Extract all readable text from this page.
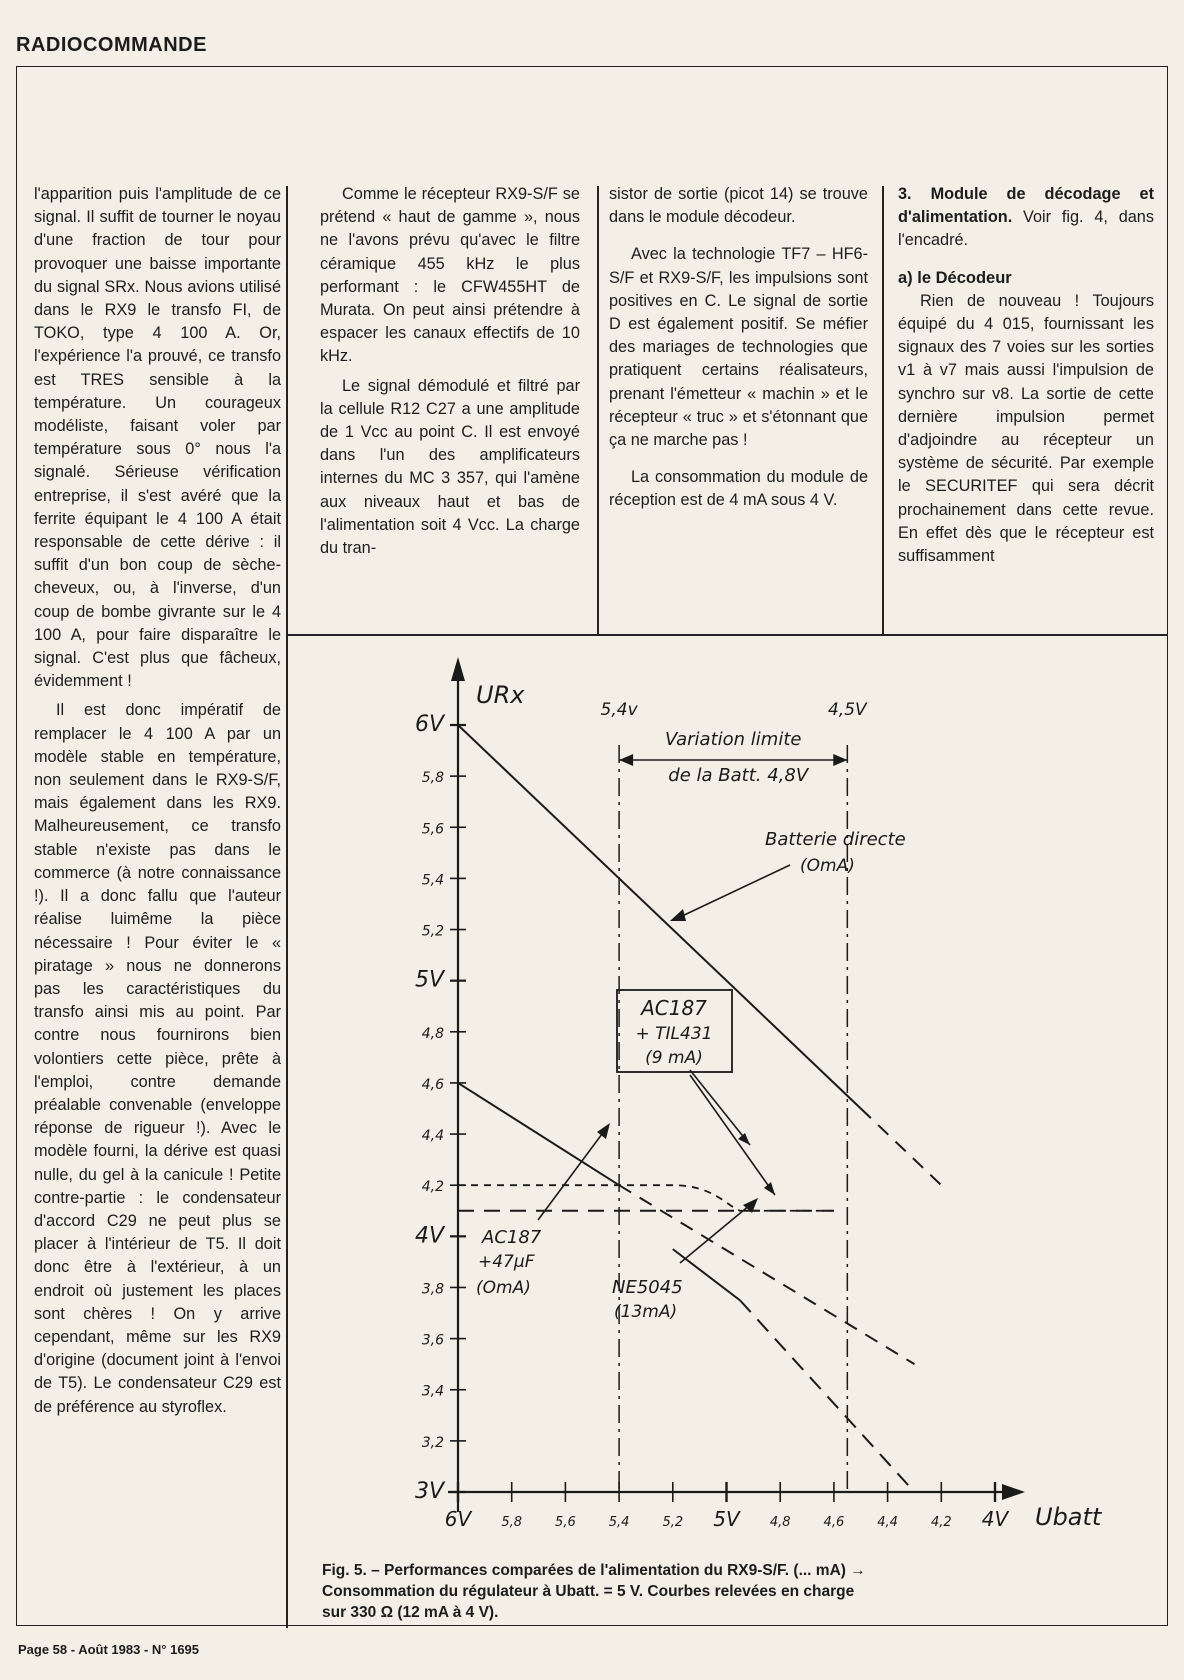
RADIOCOMMANDE

l'apparition puis l'amplitude de ce signal. Il suffit de tourner le noyau d'une fraction de tour pour provoquer une baisse importante du signal SRx. Nous avions utilisé dans le RX9 le transfo FI, de TOKO, type 4 100 A. Or, l'expérience l'a prouvé, ce transfo est TRES sensible à la température. Un courageux modéliste, faisant voler par température sous 0° nous l'a signalé. Sérieuse vérification entreprise, il s'est avéré que la ferrite équipant le 4 100 A était responsable de cette dérive : il suffit d'un bon coup de sèche-cheveux, ou, à l'inverse, d'un coup de bombe givrante sur le 4 100 A, pour faire disparaître le signal. C'est plus que fâcheux, évidemment !

Il est donc impératif de remplacer le 4 100 A par un modèle stable en température, non seulement dans le RX9-S/F, mais également dans les RX9. Malheureusement, ce transfo stable n'existe pas dans le commerce (à notre connaissance !). Il a donc fallu que l'auteur réalise luimême la pièce nécessaire ! Pour éviter le « piratage » nous ne donnerons pas les caractéristiques du transfo ainsi mis au point. Par contre nous fournirons bien volontiers cette pièce, prête à l'emploi, contre demande préalable convenable (enveloppe réponse de rigueur !). Avec le modèle fourni, la dérive est quasi nulle, du gel à la canicule ! Petite contre-partie : le condensateur d'accord C29 ne peut plus se placer à l'intérieur de T5. Il doit donc être à l'extérieur, à un endroit où justement les places sont chères ! On y arrive cependant, même sur les RX9 d'origine (document joint à l'envoi de T5). Le condensateur C29 est de préférence au styroflex.

Comme le récepteur RX9-S/F se prétend « haut de gamme », nous ne l'avons prévu qu'avec le filtre céramique 455 kHz le plus performant : le CFW455HT de Murata. On peut ainsi prétendre à espacer les canaux effectifs de 10 kHz.

Le signal démodulé et filtré par la cellule R12 C27 a une amplitude de 1 Vcc au point C. Il est envoyé dans l'un des amplificateurs internes du MC 3 357, qui l'amène aux niveaux haut et bas de l'alimentation soit 4 Vcc. La charge du tran-

sistor de sortie (picot 14) se trouve dans le module décodeur.

Avec la technologie TF7 – HF6-S/F et RX9-S/F, les impulsions sont positives en C. Le signal de sortie D est également positif. Se méfier des mariages de technologies que pratiquent certains réalisateurs, prenant l'émetteur « machin » et le récepteur « truc » et s'étonnant que ça ne marche pas !

La consommation du module de réception est de 4 mA sous 4 V.

3. Module de décodage et d'alimentation. Voir fig. 4, dans l'encadré.

a) le Décodeur

Rien de nouveau ! Toujours équipé du 4 015, fournissant les signaux des 7 voies sur les sorties v1 à v7 mais aussi l'impulsion de synchro sur v8. La sortie de cette dernière impulsion permet d'adjoindre au récepteur un système de sécurité. Par exemple le SECURITEF qui sera décrit prochainement dans cette revue. En effet dès que le récepteur est suffisamment

URx
Ubatt
3V
3,2
3,4
3,6
3,8
4V
4,2
4,4
4,6
4,8
5V
5,2
5,4
5,6
5,8
6V
6V 5,8	5,6	5,4	5,2 5V 4,8	4,6	4,4	4,2 4V
5,4v	4,5V
Variation limite
de la Batt. 4,8V
AC187
+ TIL431
(9 mA)
Batterie directe
(OmA)
AC187
+47µF
(OmA)	NE5045
(13mA)
Fig. 5. – Performances comparées de l'alimentation du RX9-S/F. (... mA) → Consommation du régulateur à Ubatt. = 5 V. Courbes relevées en charge sur 330 Ω (12 mA à 4 V).
Page 58 - Août 1983 - N° 1695
